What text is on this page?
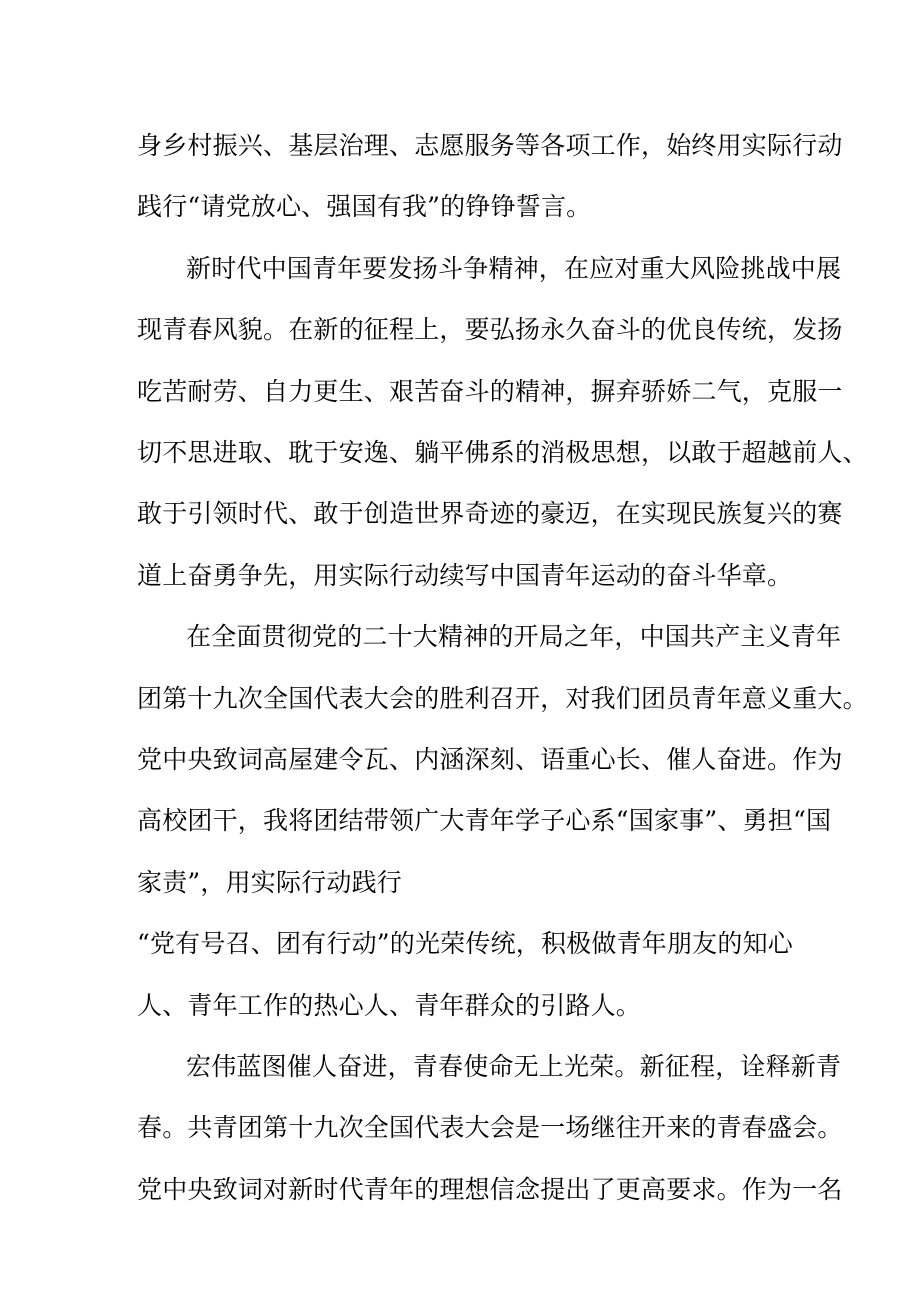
身乡村振兴、基层治理、志愿服务等各项工作，始终用实际行动
践行“请党放心、强国有我”的铮铮誓言。
新时代中国青年要发扬斗争精神，在应对重大风险挑战中展
现青春风貌。在新的征程上，要弘扬永久奋斗的优良传统，发扬
吃苦耐劳、自力更生、艰苦奋斗的精神，摒弃骄娇二气，克服一
切不思进取、耽于安逸、躺平佛系的消极思想，以敢于超越前人、
敢于引领时代、敢于创造世界奇迹的豪迈，在实现民族复兴的赛
道上奋勇争先，用实际行动续写中国青年运动的奋斗华章。
在全面贯彻党的二十大精神的开局之年，中国共产主义青年
团第十九次全国代表大会的胜利召开，对我们团员青年意义重大。
党中央致词高屋建令瓦、内涵深刻、语重心长、催人奋进。作为
高校团干，我将团结带领广大青年学子心系“国家事”、勇担“国
家责”，用实际行动践行
“党有号召、团有行动”的光荣传统，积极做青年朋友的知心
人、青年工作的热心人、青年群众的引路人。
宏伟蓝图催人奋进，青春使命无上光荣。新征程，诠释新青
春。共青团第十九次全国代表大会是一场继往开来的青春盛会。
党中央致词对新时代青年的理想信念提出了更高要求。作为一名
